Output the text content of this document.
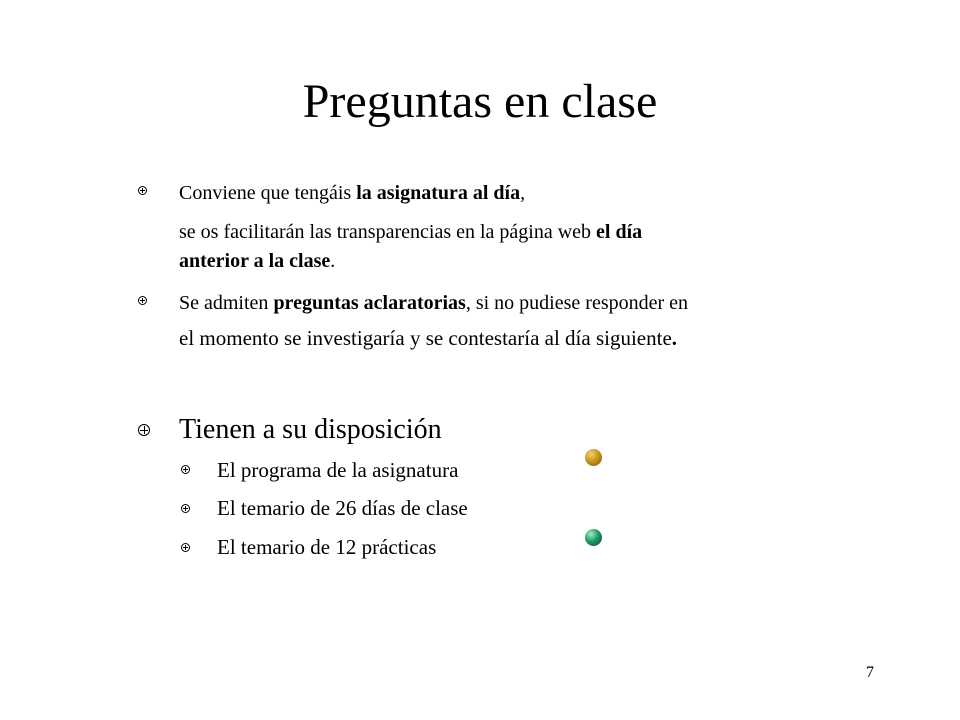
Preguntas en clase
Conviene que tengáis la asignatura al día,
se os facilitarán las transparencias en la página web el día
anterior a la clase.
Se admiten preguntas aclaratorias, si no pudiese responder en
el momento se investigaría y se contestaría al día siguiente.
Tienen a su disposición
El programa de la asignatura
El temario de 26 días de clase
El temario de 12 prácticas
7
